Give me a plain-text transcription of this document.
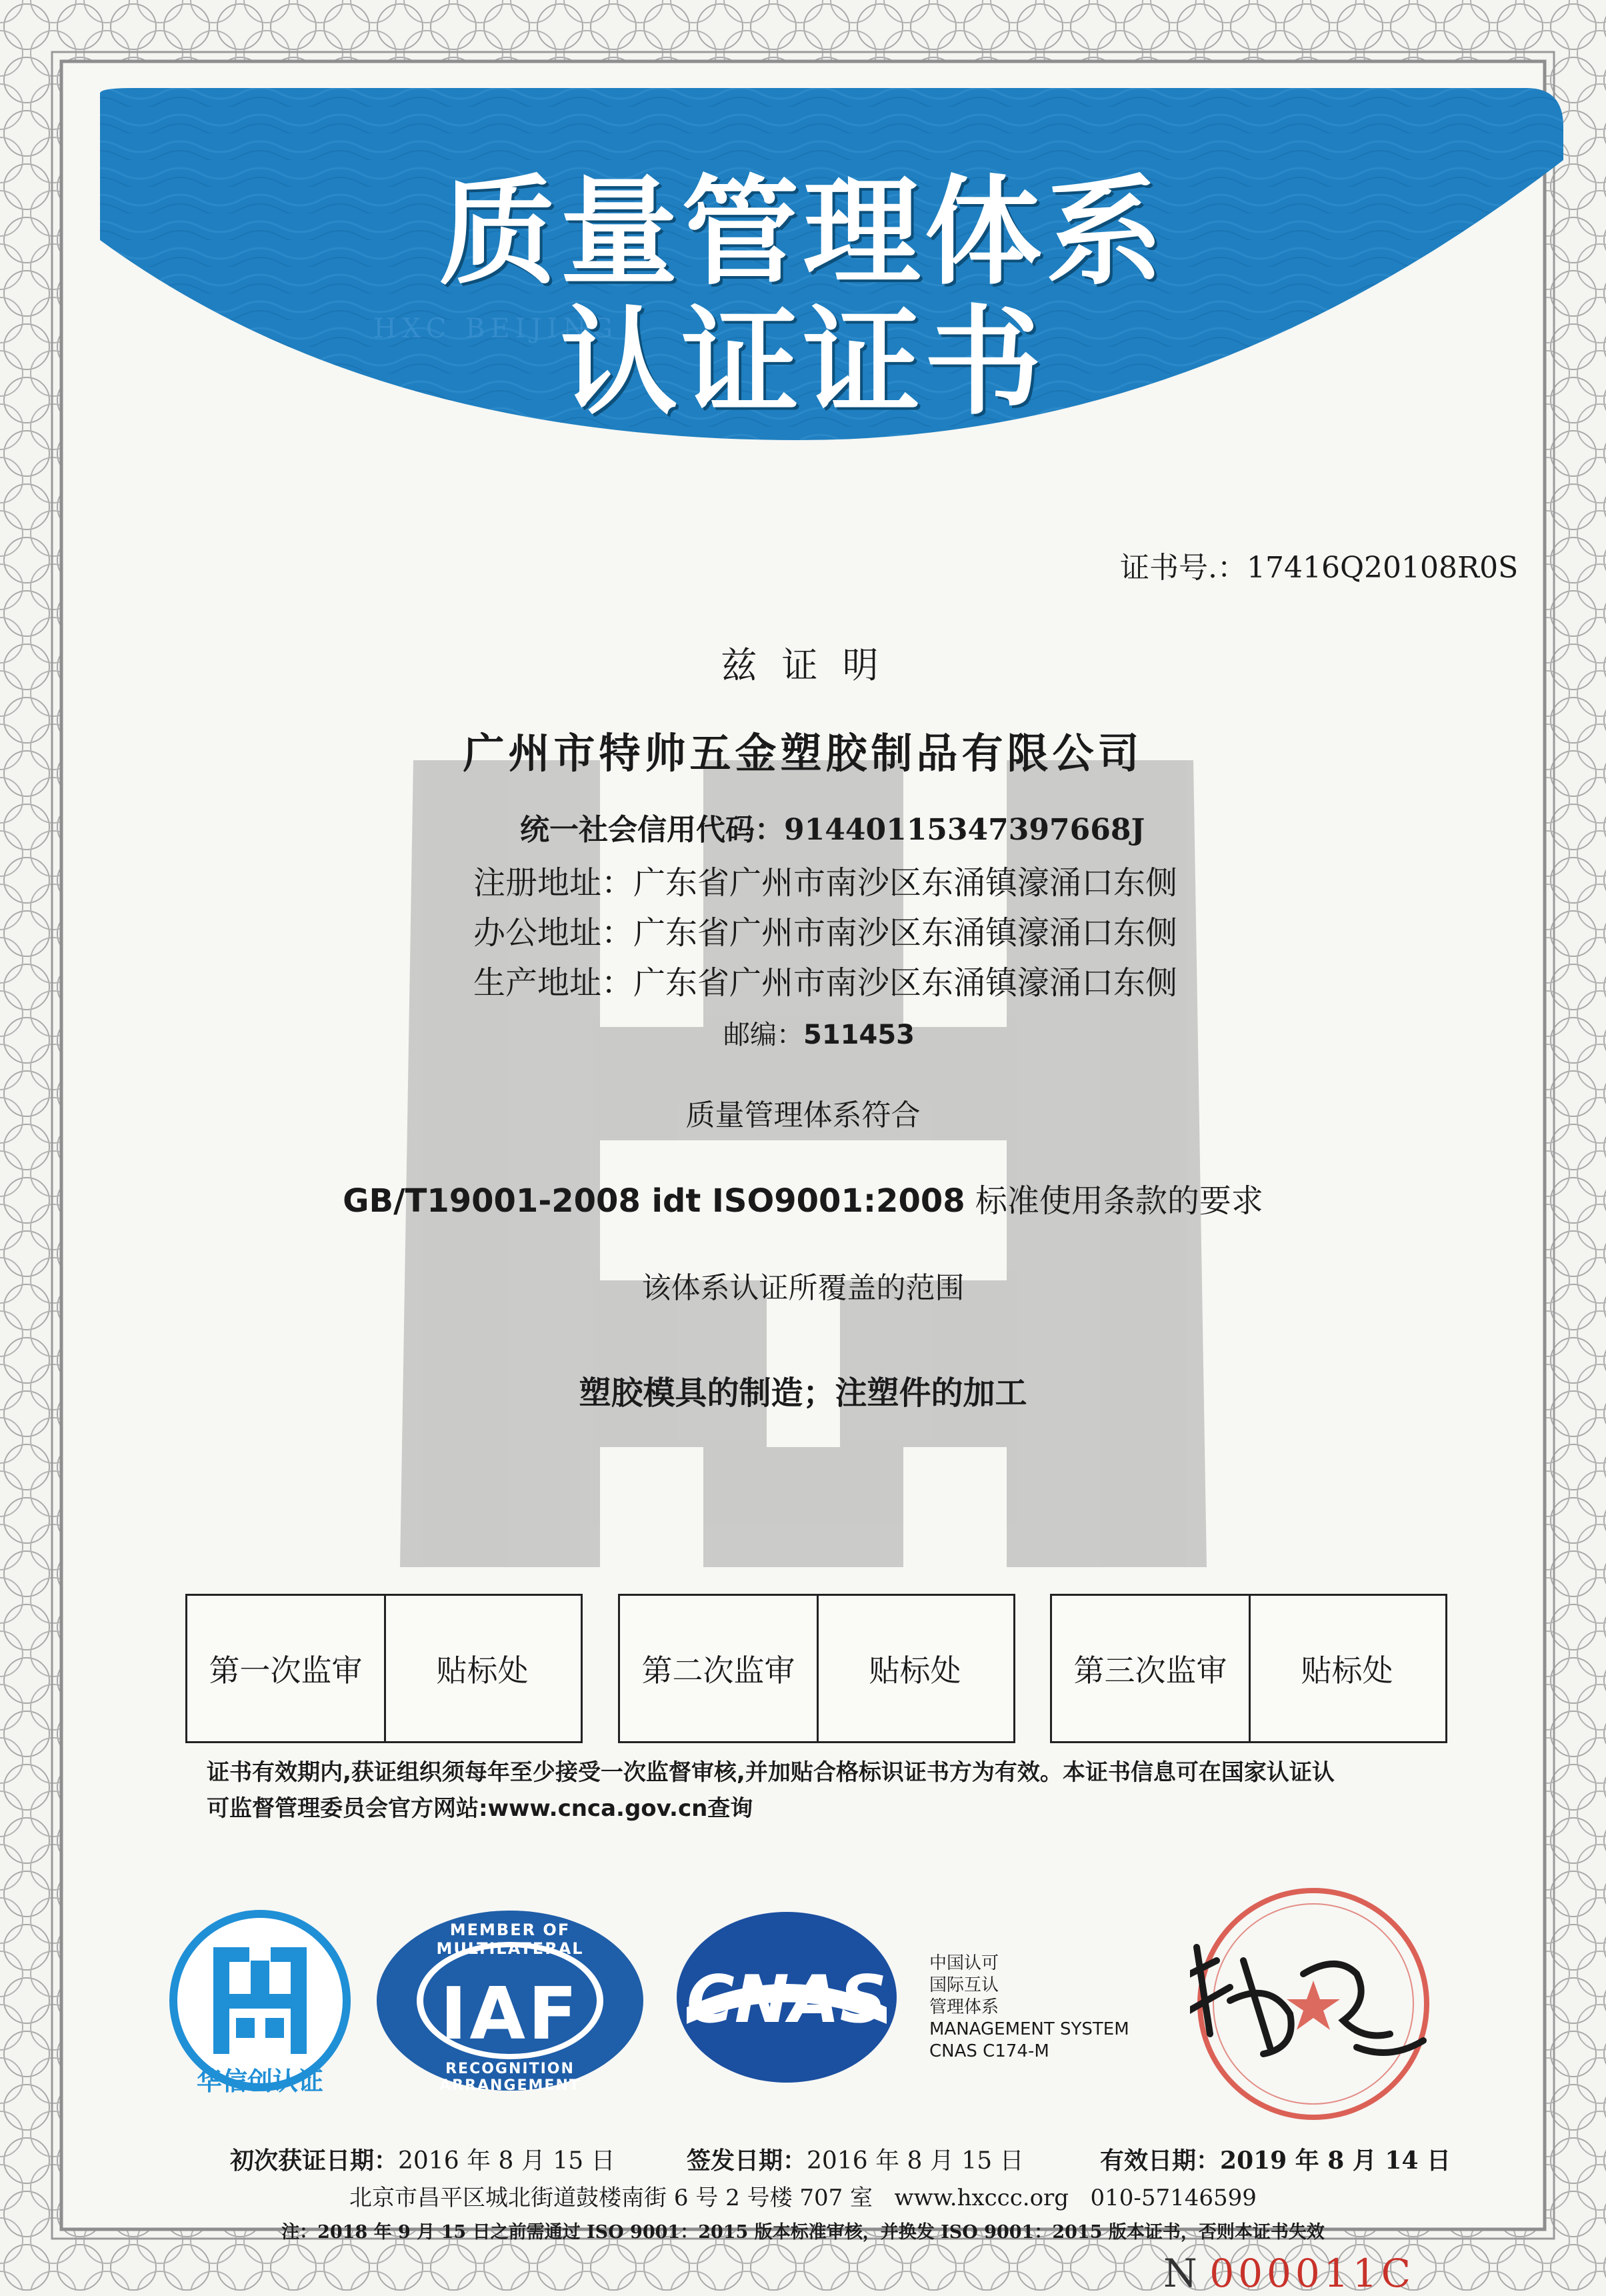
HXC BEIJING
质量管理体系
认证证书
证书号.：17416Q20108R0S
兹 证 明
广州市特帅五金塑胶制品有限公司
统一社会信用代码：91440115347397668J
注册地址：广东省广州市南沙区东涌镇濠涌口东侧
办公地址：广东省广州市南沙区东涌镇濠涌口东侧
生产地址：广东省广州市南沙区东涌镇濠涌口东侧
邮编：511453
质量管理体系符合
GB/T19001-2008 idt ISO9001:2008 标准使用条款的要求
该体系认证所覆盖的范围
塑胶模具的制造；注塑件的加工
第一次监审	贴标处	第二次监审	贴标处	第三次监审	贴标处
证书有效期内,获证组织须每年至少接受一次监督审核,并加贴合格标识证书方为有效。本证书信息可在国家认证认
可监督管理委员会官方网站:www.cnca.gov.cn查询
华信创认证
MEMBER OF MULTILATERAL
IAF
RECOGNITION ARRANGEMENT
CNAS	中国认可
国际互认
管理体系
MANAGEMENT SYSTEM
CNAS C174-M
初次获证日期：2016 年 8 月 15 日	签发日期：2016 年 8 月 15 日	有效日期：2019 年 8 月 14 日
北京市昌平区城北街道鼓楼南街 6 号 2 号楼 707 室 www.hxccc.org 010-57146599
注：2018 年 9 月 15 日之前需通过 ISO 9001：2015 版本标准审核，并换发 ISO 9001：2015 版本证书，否则本证书失效
N 000011C
